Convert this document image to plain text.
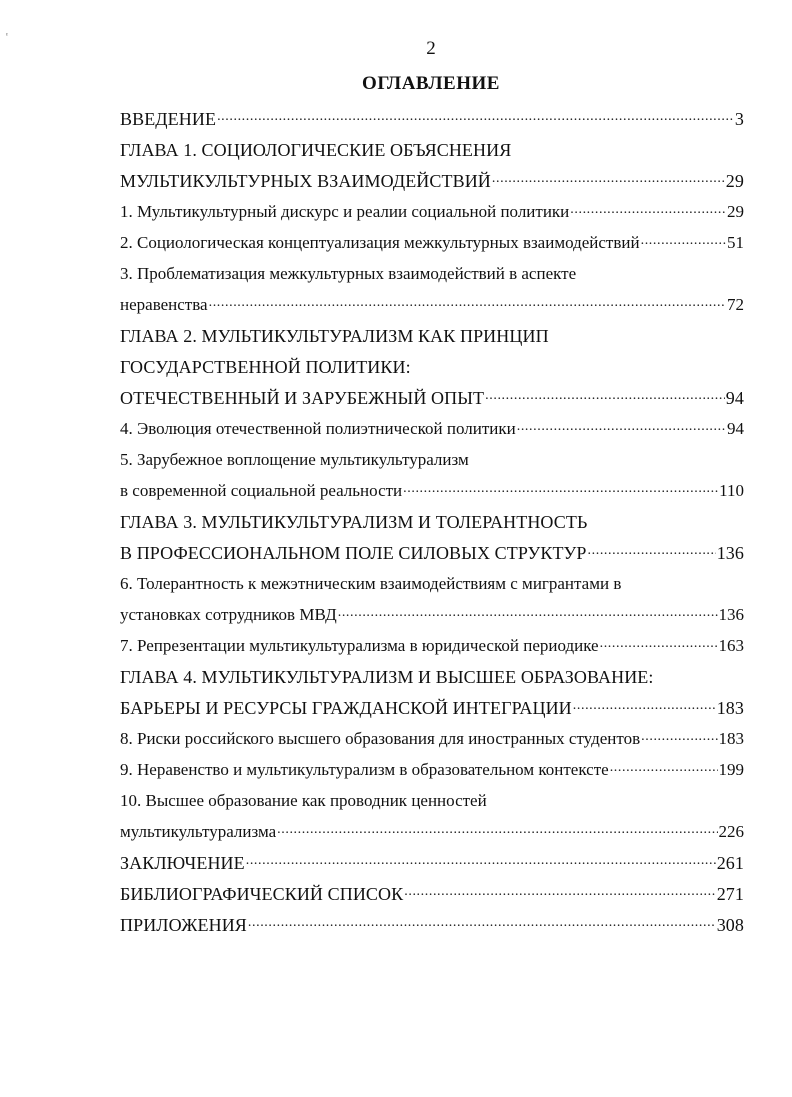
ᵋ
2
ОГЛАВЛЕНИЕ
ВВЕДЕНИЕ .....	3
ГЛАВА 1. СОЦИОЛОГИЧЕСКИЕ ОБЪЯСНЕНИЯ
МУЛЬТИКУЛЬТУРНЫХ ВЗАИМОДЕЙСТВИЙ .....	29
1. Мультикультурный дискурс и реалии социальной политики .....	29
2. Социологическая концептуализация межкультурных взаимодействий .....	51
3. Проблематизация межкультурных взаимодействий в аспекте
неравенства .....	72
ГЛАВА 2. МУЛЬТИКУЛЬТУРАЛИЗМ КАК ПРИНЦИП
ГОСУДАРСТВЕННОЙ ПОЛИТИКИ:
ОТЕЧЕСТВЕННЫЙ И ЗАРУБЕЖНЫЙ ОПЫТ .....	94
4. Эволюция отечественной полиэтнической политики .....	94
5. Зарубежное воплощение мультикультурализм
в современной социальной реальности .....	110
ГЛАВА 3. МУЛЬТИКУЛЬТУРАЛИЗМ И ТОЛЕРАНТНОСТЬ
В ПРОФЕССИОНАЛЬНОМ ПОЛЕ СИЛОВЫХ СТРУКТУР .....	136
6. Толерантность к межэтническим взаимодействиям с мигрантами в
установках сотрудников МВД .....	136
7. Репрезентации мультикультурализма в юридической периодике .....	163
ГЛАВА 4. МУЛЬТИКУЛЬТУРАЛИЗМ И ВЫСШЕЕ ОБРАЗОВАНИЕ:
БАРЬЕРЫ И РЕСУРСЫ ГРАЖДАНСКОЙ ИНТЕГРАЦИИ .....	183
8. Риски российского высшего образования для иностранных студентов .....	183
9. Неравенство и мультикультурализм в образовательном контексте .....	199
10. Высшее образование как проводник ценностей
мультикультурализма .....	226
ЗАКЛЮЧЕНИЕ .....	261
БИБЛИОГРАФИЧЕСКИЙ СПИСОК .....	271
ПРИЛОЖЕНИЯ .....	308
